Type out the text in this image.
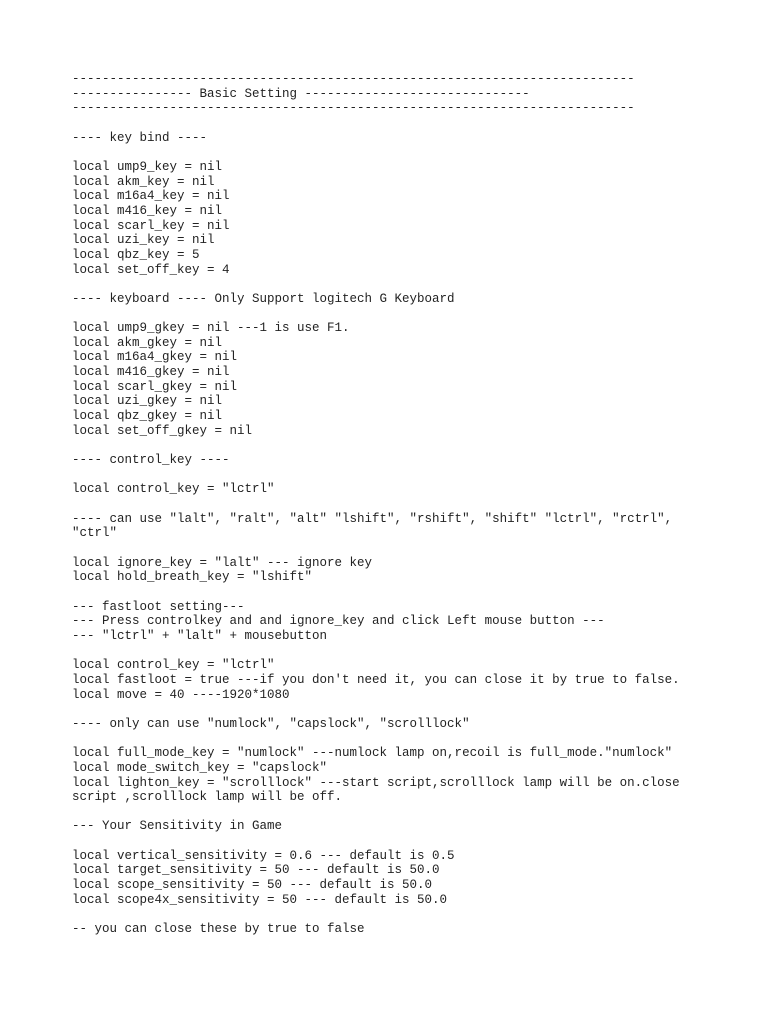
---------------------------------------------------------------------------
---------------- Basic Setting ------------------------------
---------------------------------------------------------------------------
---- key bind ----
local ump9_key = nil
local akm_key = nil
local m16a4_key = nil
local m416_key = nil
local scarl_key = nil
local uzi_key = nil
local qbz_key = 5
local set_off_key = 4
---- keyboard ---- Only Support logitech G Keyboard
local ump9_gkey = nil ---1 is use F1.
local akm_gkey = nil
local m16a4_gkey = nil
local m416_gkey = nil
local scarl_gkey = nil
local uzi_gkey = nil
local qbz_gkey = nil
local set_off_gkey = nil
---- control_key ----
local control_key = "lctrl"
---- can use "lalt", "ralt", "alt" "lshift", "rshift", "shift" "lctrl", "rctrl",
"ctrl"
local ignore_key = "lalt" --- ignore key
local hold_breath_key = "lshift"
--- fastloot setting---
--- Press controlkey and and ignore_key and click Left mouse button ---
--- "lctrl" + "lalt" + mousebutton
local control_key = "lctrl"
local fastloot = true ---if you don't need it, you can close it by true to false.
local move = 40 ----1920*1080
---- only can use "numlock", "capslock", "scrolllock"
local full_mode_key = "numlock" ---numlock lamp on,recoil is full_mode."numlock"
local mode_switch_key = "capslock"
local lighton_key = "scrolllock" ---start script,scrolllock lamp will be on.close
script ,scrolllock lamp will be off.
--- Your Sensitivity in Game
local vertical_sensitivity = 0.6 --- default is 0.5
local target_sensitivity = 50 --- default is 50.0
local scope_sensitivity = 50 --- default is 50.0
local scope4x_sensitivity = 50 --- default is 50.0
-- you can close these by true to false
